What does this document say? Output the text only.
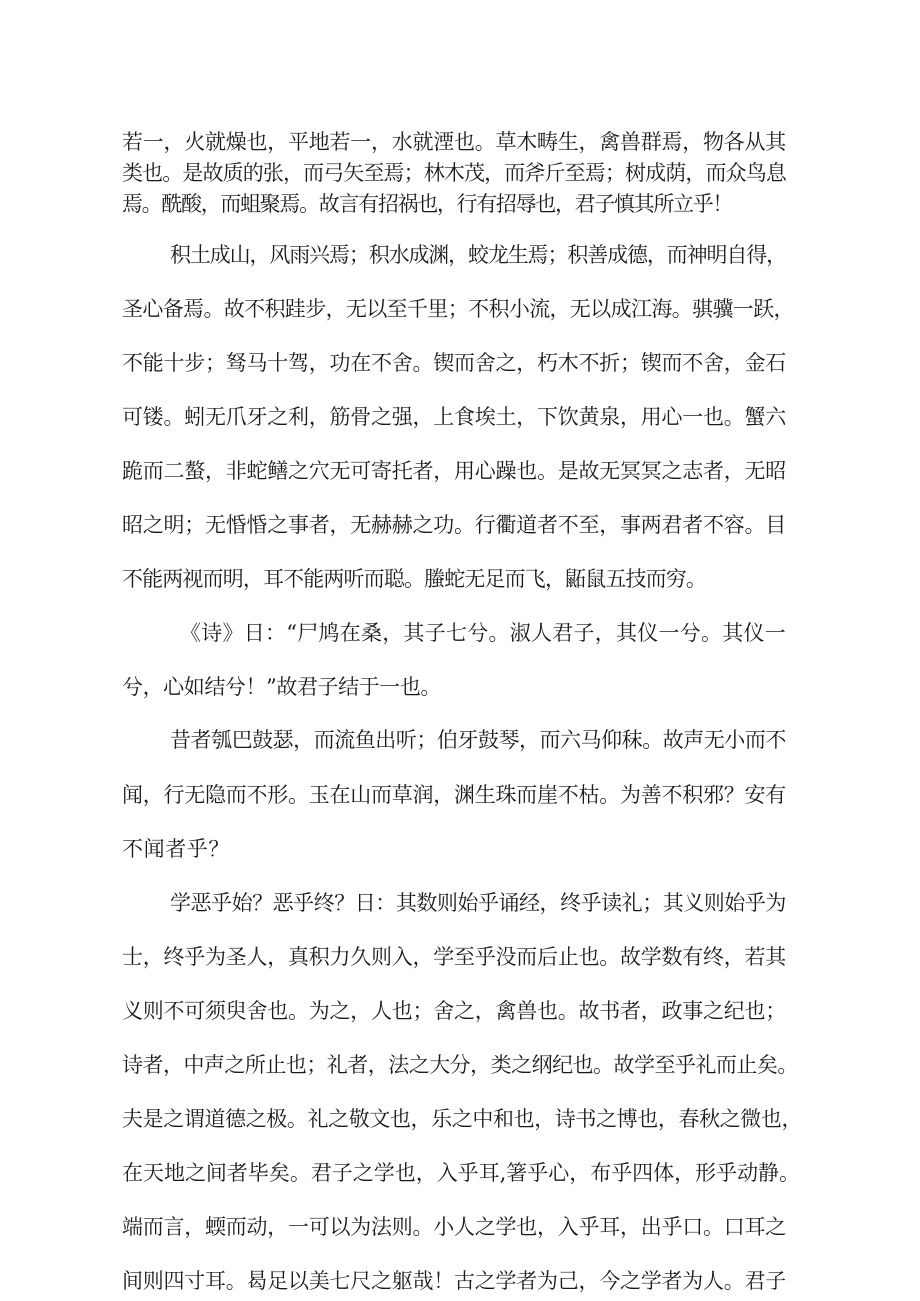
若一，火就燥也，平地若一，水就湮也。草木畴生，禽兽群焉，物各从其
类也。是故质的张，而弓矢至焉；林木茂，而斧斤至焉；树成荫，而众鸟息
焉。酰酸，而蛆聚焉。故言有招祸也，行有招辱也，君子慎其所立乎！
积土成山，风雨兴焉；积水成渊，蛟龙生焉；积善成德，而神明自得，
圣心备焉。故不积跬步，无以至千里；不积小流，无以成江海。骐骥一跃，
不能十步；驽马十驾，功在不舍。锲而舍之，朽木不折；锲而不舍，金石
可镂。蚓无爪牙之利，筋骨之强，上食埃土，下饮黄泉，用心一也。蟹六
跪而二螯，非蛇鳝之穴无可寄托者，用心躁也。是故无冥冥之志者，无昭
昭之明；无惛惛之事者，无赫赫之功。行衢道者不至，事两君者不容。目
不能两视而明，耳不能两听而聪。螣蛇无足而飞，鼫鼠五技而穷。
《诗》日：“尸鸠在桑，其子七兮。淑人君子，其仪一兮。其仪一
兮，心如结兮！”故君子结于一也。
昔者瓠巴鼓瑟，而流鱼出听；伯牙鼓琴，而六马仰秣。故声无小而不
闻，行无隐而不形。玉在山而草润，渊生珠而崖不枯。为善不积邪？安有
不闻者乎？
学恶乎始？恶乎终？日：其数则始乎诵经，终乎读礼；其义则始乎为
士，终乎为圣人，真积力久则入，学至乎没而后止也。故学数有终，若其
义则不可须臾舍也。为之，人也；舍之，禽兽也。故书者，政事之纪也；
诗者，中声之所止也；礼者，法之大分，类之纲纪也。故学至乎礼而止矣。
夫是之谓道德之极。礼之敬文也，乐之中和也，诗书之博也，春秋之微也，
在天地之间者毕矣。君子之学也，入乎耳,箸乎心，布乎四体，形乎动静。
端而言，蝡而动，一可以为法则。小人之学也，入乎耳，出乎口。口耳之
间则四寸耳。曷足以美七尺之躯哉！古之学者为己，今之学者为人。君子
